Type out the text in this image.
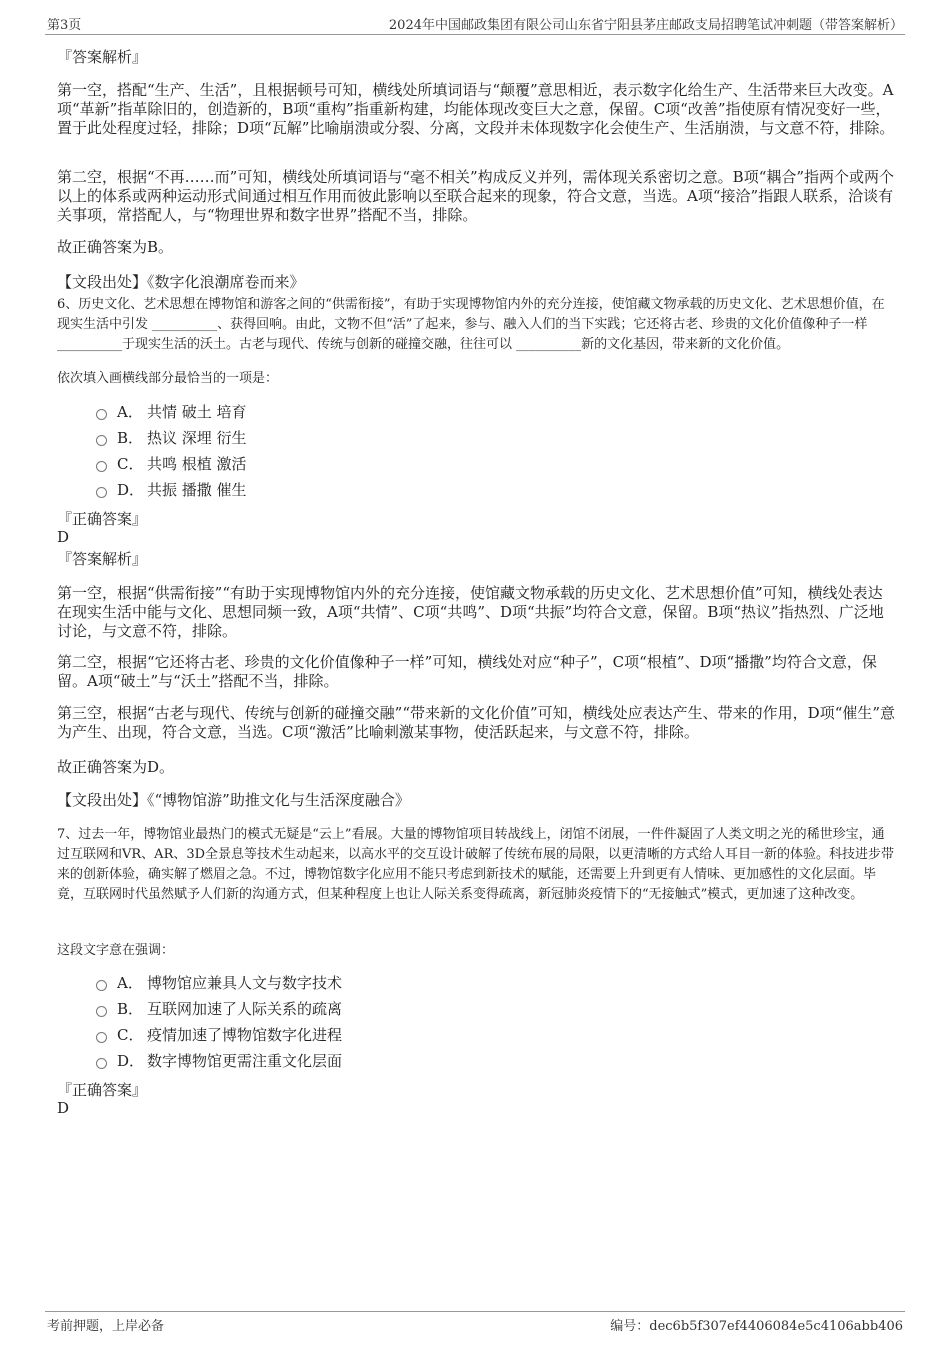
第3页	2024年中国邮政集团有限公司山东省宁阳县茅庄邮政支局招聘笔试冲刺题（带答案解析）
『答案解析』

第一空，搭配“生产、生活”，且根据顿号可知，横线处所填词语与“颠覆”意思相近，表示数字化给生产、生活带来巨大改变。A项“革新”指革除旧的，创造新的，B项“重构”指重新构建，均能体现改变巨大之意，保留。C项“改善”指使原有情况变好一些，置于此处程度过轻，排除；D项“瓦解”比喻崩溃或分裂、分离，文段并未体现数字化会使生产、生活崩溃，与文意不符，排除。

第二空，根据“不再……而”可知，横线处所填词语与“毫不相关”构成反义并列，需体现关系密切之意。B项“耦合”指两个或两个以上的体系或两种运动形式间通过相互作用而彼此影响以至联合起来的现象，符合文意，当选。A项“接洽”指跟人联系，洽谈有关事项，常搭配人，与“物理世界和数字世界”搭配不当，排除。

故正确答案为B。

【文段出处】《数字化浪潮席卷而来》

6、历史文化、艺术思想在博物馆和游客之间的“供需衔接”，有助于实现博物馆内外的充分连接，使馆藏文物承载的历史文化、艺术思想价值，在现实生活中引发 __________、获得回响。由此，文物不但“活”了起来，参与、融入人们的当下实践；它还将古老、珍贵的文化价值像种子一样 __________于现实生活的沃土。古老与现代、传统与创新的碰撞交融，往往可以 __________新的文化基因，带来新的文化价值。

依次填入画横线部分最恰当的一项是：

A． 共情 破土 培育
B． 热议 深埋 衍生
C． 共鸣 根植 激活
D． 共振 播撒 催生
『正确答案』
D
『答案解析』

第一空，根据“供需衔接”“有助于实现博物馆内外的充分连接，使馆藏文物承载的历史文化、艺术思想价值”可知，横线处表达在现实生活中能与文化、思想同频一致，A项“共情”、C项“共鸣”、D项“共振”均符合文意，保留。B项“热议”指热烈、广泛地讨论，与文意不符，排除。

第二空，根据“它还将古老、珍贵的文化价值像种子一样”可知，横线处对应“种子”，C项“根植”、D项“播撒”均符合文意，保留。A项“破土”与“沃土”搭配不当，排除。

第三空，根据“古老与现代、传统与创新的碰撞交融”“带来新的文化价值”可知，横线处应表达产生、带来的作用，D项“催生”意为产生、出现，符合文意，当选。C项“激活”比喻刺激某事物，使活跃起来，与文意不符，排除。

故正确答案为D。

【文段出处】《“博物馆游”助推文化与生活深度融合》

7、过去一年，博物馆业最热门的模式无疑是“云上”看展。大量的博物馆项目转战线上，闭馆不闭展，一件件凝固了人类文明之光的稀世珍宝，通过互联网和VR、AR、3D全景息等技术生动起来，以高水平的交互设计破解了传统布展的局限，以更清晰的方式给人耳目一新的体验。科技进步带来的创新体验，确实解了燃眉之急。不过，博物馆数字化应用不能只考虑到新技术的赋能，还需要上升到更有人情味、更加感性的文化层面。毕竟，互联网时代虽然赋予人们新的沟通方式，但某种程度上也让人际关系变得疏离，新冠肺炎疫情下的“无接触式”模式，更加速了这种改变。

这段文字意在强调：

A． 博物馆应兼具人文与数字技术
B． 互联网加速了人际关系的疏离
C． 疫情加速了博物馆数字化进程
D． 数字博物馆更需注重文化层面
『正确答案』
D
考前押题，上岸必备	编号：dec6b5f307ef4406084e5c4106abb406
